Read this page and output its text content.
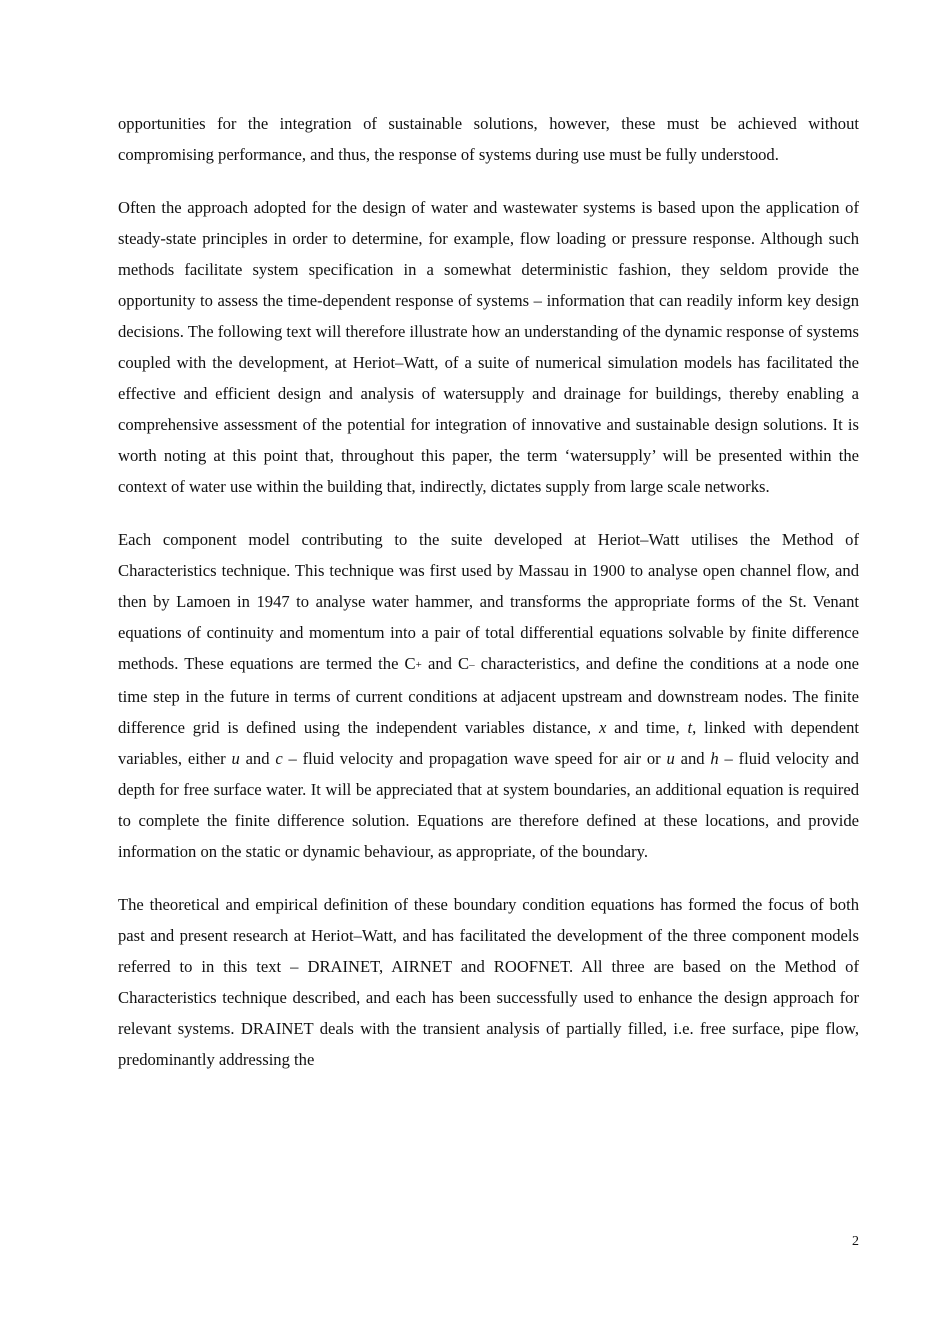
opportunities for the integration of sustainable solutions, however, these must be achieved without compromising performance, and thus, the response of systems during use must be fully understood.

Often the approach adopted for the design of water and wastewater systems is based upon the application of steady-state principles in order to determine, for example, flow loading or pressure response. Although such methods facilitate system specification in a somewhat deterministic fashion, they seldom provide the opportunity to assess the time-dependent response of systems – information that can readily inform key design decisions. The following text will therefore illustrate how an understanding of the dynamic response of systems coupled with the development, at Heriot–Watt, of a suite of numerical simulation models has facilitated the effective and efficient design and analysis of watersupply and drainage for buildings, thereby enabling a comprehensive assessment of the potential for integration of innovative and sustainable design solutions. It is worth noting at this point that, throughout this paper, the term ‘watersupply’ will be presented within the context of water use within the building that, indirectly, dictates supply from large scale networks.

Each component model contributing to the suite developed at Heriot–Watt utilises the Method of Characteristics technique. This technique was first used by Massau in 1900 to analyse open channel flow, and then by Lamoen in 1947 to analyse water hammer, and transforms the appropriate forms of the St. Venant equations of continuity and momentum into a pair of total differential equations solvable by finite difference methods. These equations are termed the C+ and C– characteristics, and define the conditions at a node one time step in the future in terms of current conditions at adjacent upstream and downstream nodes. The finite difference grid is defined using the independent variables distance, x and time, t, linked with dependent variables, either u and c – fluid velocity and propagation wave speed for air or u and h – fluid velocity and depth for free surface water. It will be appreciated that at system boundaries, an additional equation is required to complete the finite difference solution. Equations are therefore defined at these locations, and provide information on the static or dynamic behaviour, as appropriate, of the boundary.

The theoretical and empirical definition of these boundary condition equations has formed the focus of both past and present research at Heriot–Watt, and has facilitated the development of the three component models referred to in this text – DRAINET, AIRNET and ROOFNET. All three are based on the Method of Characteristics technique described, and each has been successfully used to enhance the design approach for relevant systems. DRAINET deals with the transient analysis of partially filled, i.e. free surface, pipe flow, predominantly addressing the

2
